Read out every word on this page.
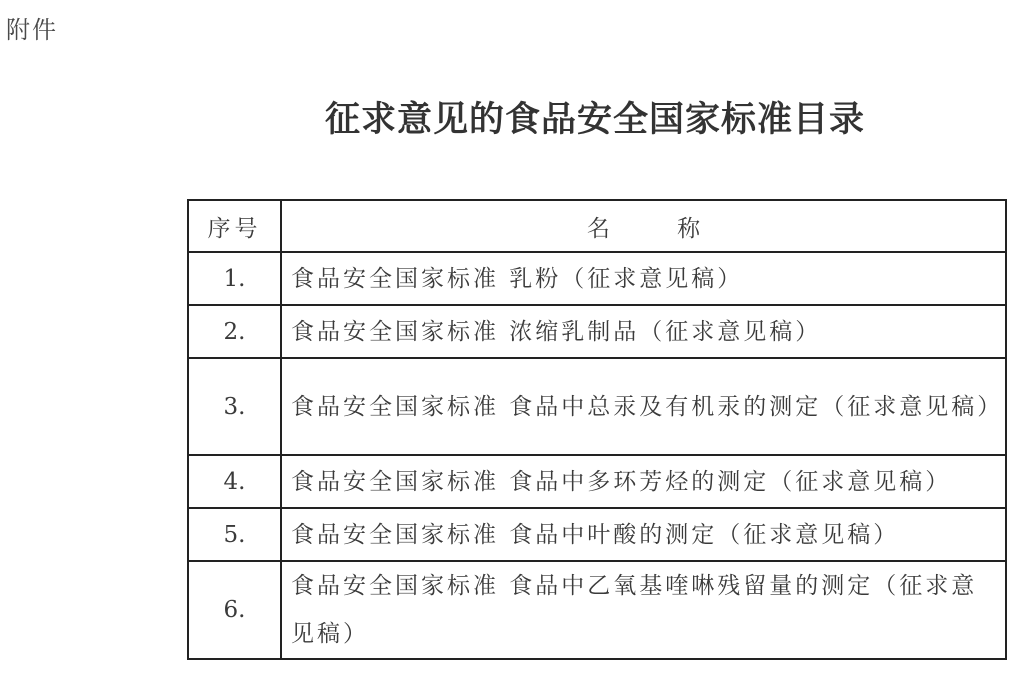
附件
征求意见的食品安全国家标准目录
序号	名 称
1.	食品安全国家标准 乳粉（征求意见稿）
2.	食品安全国家标准 浓缩乳制品（征求意见稿）
3.	食品安全国家标准 食品中总汞及有机汞的测定（征求意见稿）
4.	食品安全国家标准 食品中多环芳烃的测定（征求意见稿）
5.	食品安全国家标准 食品中叶酸的测定（征求意见稿）
6.	食品安全国家标准 食品中乙氧基喹啉残留量的测定（征求意见稿）
